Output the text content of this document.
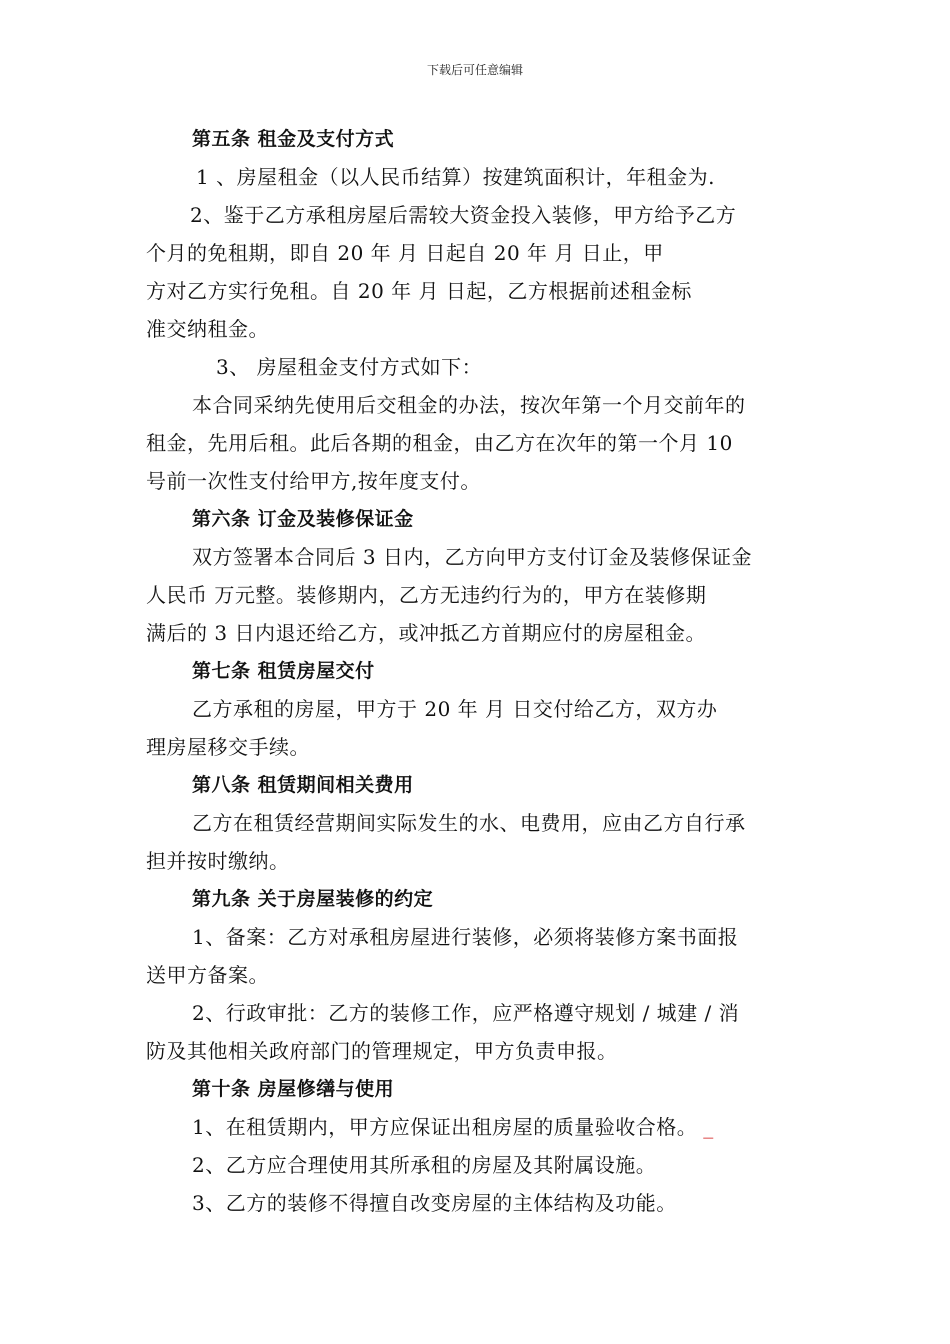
下载后可任意编辑
第五条 租金及支付方式
1 、房屋租金（以人民币结算）按建筑面积计，年租金为.
2、鉴于乙方承租房屋后需较大资金投入装修，甲方给予乙方
个月的免租期，即自 20 年 月 日起自 20 年 月 日止，甲
方对乙方实行免租。自 20 年 月 日起，乙方根据前述租金标
准交纳租金。
3、 房屋租金支付方式如下：
本合同采纳先使用后交租金的办法，按次年第一个月交前年的
租金，先用后租。此后各期的租金，由乙方在次年的第一个月 10
号前一次性支付给甲方,按年度支付。
第六条 订金及装修保证金
双方签署本合同后 3 日内，乙方向甲方支付订金及装修保证金
人民币 万元整。装修期内，乙方无违约行为的，甲方在装修期
满后的 3 日内退还给乙方，或冲抵乙方首期应付的房屋租金。
第七条 租赁房屋交付
乙方承租的房屋，甲方于 20 年 月 日交付给乙方，双方办
理房屋移交手续。
第八条 租赁期间相关费用
乙方在租赁经营期间实际发生的水、电费用，应由乙方自行承
担并按时缴纳。
第九条 关于房屋装修的约定
1、备案：乙方对承租房屋进行装修，必须将装修方案书面报
送甲方备案。
2、行政审批：乙方的装修工作，应严格遵守规划 / 城建 / 消
防及其他相关政府部门的管理规定，甲方负责申报。
第十条 房屋修缮与使用
1、在租赁期内，甲方应保证出租房屋的质量验收合格。 _
2、乙方应合理使用其所承租的房屋及其附属设施。
3、乙方的装修不得擅自改变房屋的主体结构及功能。
